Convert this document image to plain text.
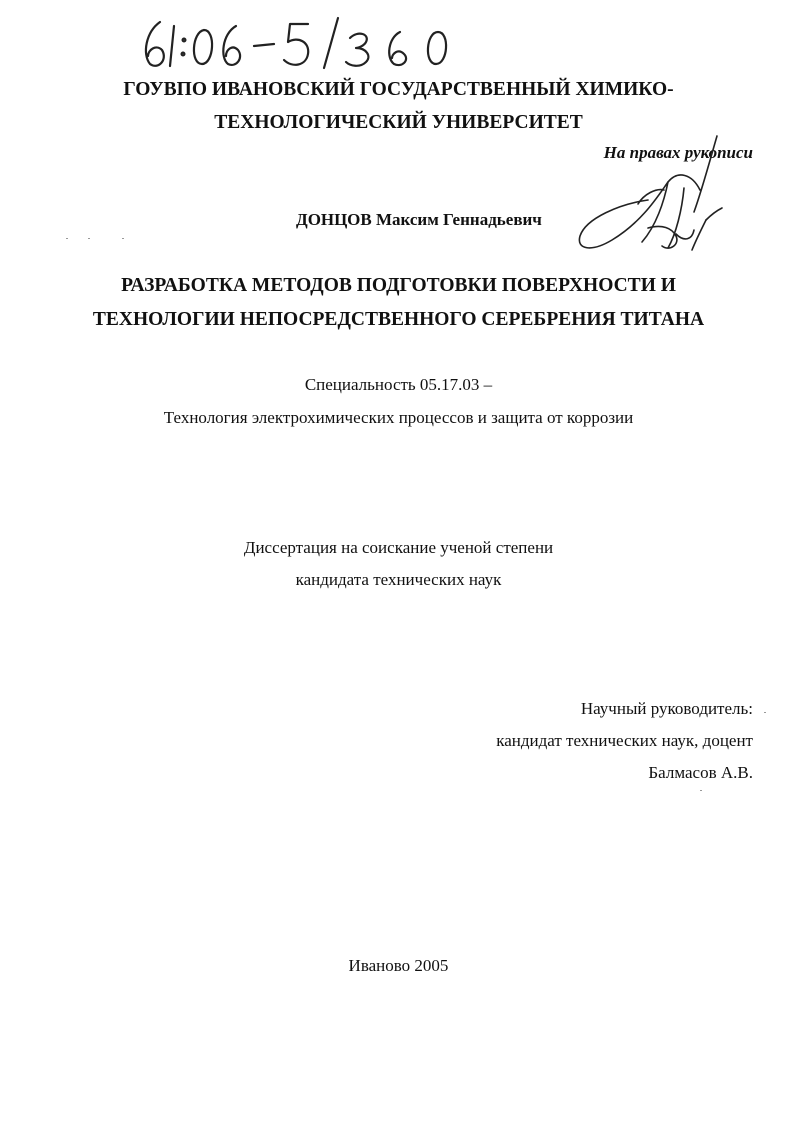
ГОУВПО ИВАНОВСКИЙ ГОСУДАРСТВЕННЫЙ ХИМИКО-
ТЕХНОЛОГИЧЕСКИЙ УНИВЕРСИТЕТ
На правах рукописи
ДОНЦОВ Максим Геннадьевич
РАЗРАБОТКА МЕТОДОВ ПОДГОТОВКИ ПОВЕРХНОСТИ И
ТЕХНОЛОГИИ НЕПОСРЕДСТВЕННОГО СЕРЕБРЕНИЯ ТИТАНА
Специальность 05.17.03 –
Технология электрохимических процессов и защита от коррозии
Диссертация на соискание ученой степени
кандидата технических наук
Научный руководитель:
кандидат технических наук, доцент
Балмасов А.В.
Иваново 2005
